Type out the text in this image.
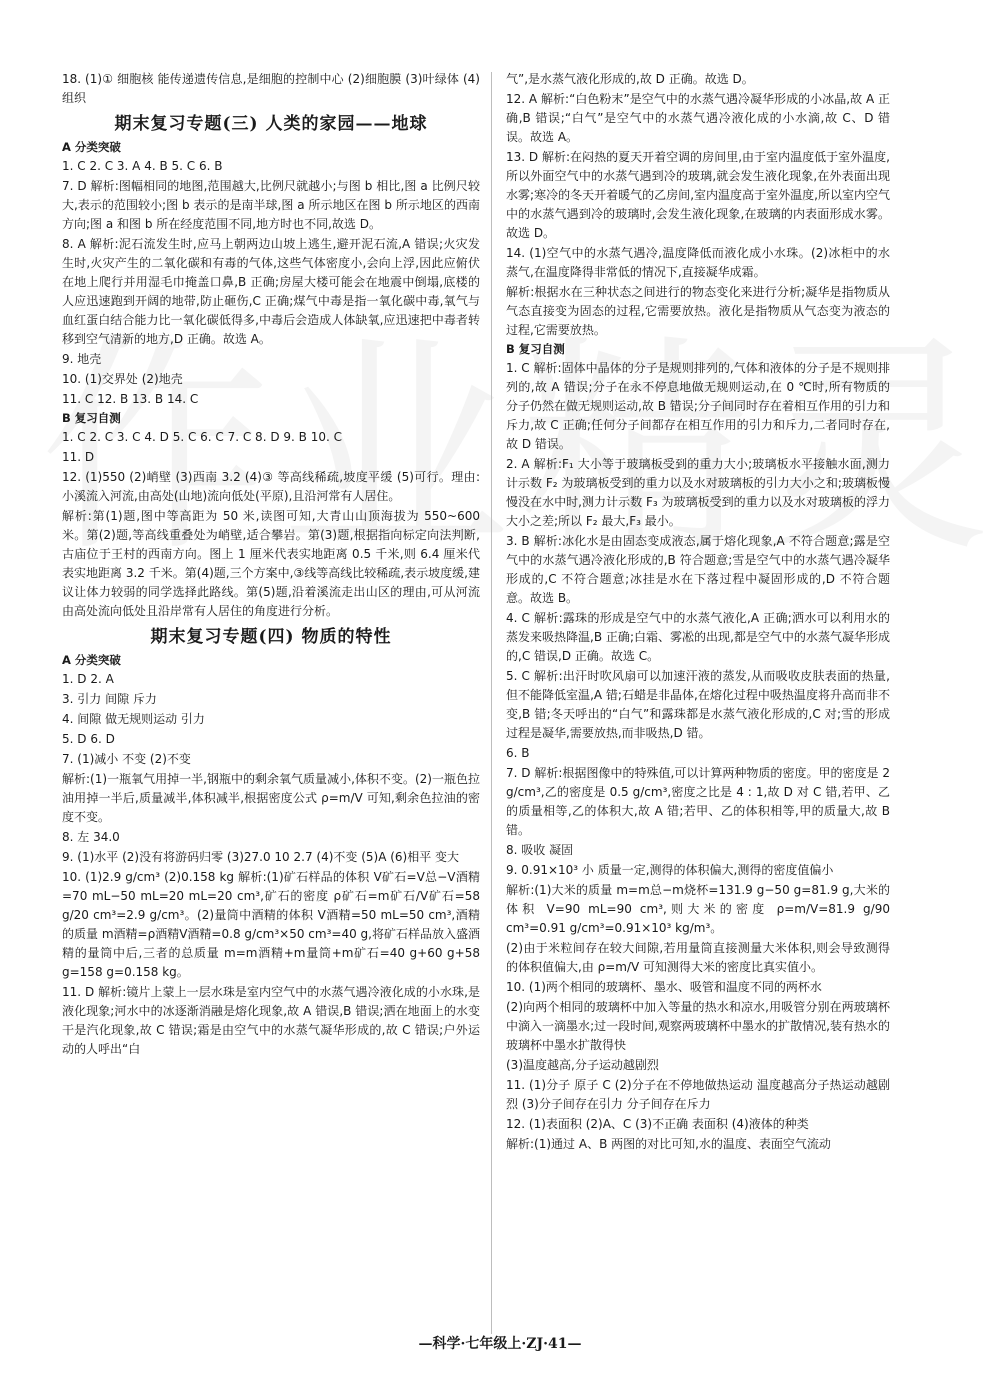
18. (1)① 细胞核 能传递遗传信息,是细胞的控制中心 (2)细胞膜 (3)叶绿体 (4)组织
期末复习专题(三) 人类的家园——地球
A 分类突破
1. C 2. C 3. A 4. B 5. C 6. B
7. D 解析:图幅相同的地图,范围越大,比例尺就越小;与图 b 相比,图 a 比例尺较大,表示的范围较小;图 b 表示的是南半球,图 a 所示地区在图 b 所示地区的西南方向;图 a 和图 b 所在经度范围不同,地方时也不同,故选 D。
8. A 解析:泥石流发生时,应马上朝两边山坡上逃生,避开泥石流,A 错误;火灾发生时,火灾产生的二氧化碳和有毒的气体,这些气体密度小,会向上浮,因此应俯伏在地上爬行并用湿毛巾掩盖口鼻,B 正确;房屋大楼可能会在地震中倒塌,底楼的人应迅速跑到开阔的地带,防止砸伤,C 正确;煤气中毒是指一氧化碳中毒,氧气与血红蛋白结合能力比一氧化碳低得多,中毒后会造成人体缺氧,应迅速把中毒者转移到空气清新的地方,D 正确。故选 A。
9. 地壳
10. (1)交界处 (2)地壳
11. C 12. B 13. B 14. C
B 复习自测
1. C 2. C 3. C 4. D 5. C 6. C 7. C 8. D 9. B 10. C
11. D
12. (1)550 (2)峭壁 (3)西南 3.2 (4)③ 等高线稀疏,坡度平缓 (5)可行。理由:小溪流入河流,由高处(山地)流向低处(平原),且沿河常有人居住。
解析:第(1)题,图中等高距为 50 米,读图可知,大青山山顶海拔为 550~600 米。第(2)题,等高线重叠处为峭壁,适合攀岩。第(3)题,根据指向标定向法判断,古庙位于王村的西南方向。图上 1 厘米代表实地距离 0.5 千米,则 6.4 厘米代表实地距离 3.2 千米。第(4)题,三个方案中,③线等高线比较稀疏,表示坡度缓,建议让体力较弱的同学选择此路线。第(5)题,沿着溪流走出山区的理由,可从河流由高处流向低处且沿岸常有人居住的角度进行分析。
期末复习专题(四) 物质的特性
A 分类突破
1. D 2. A
3. 引力 间隙 斥力
4. 间隙 做无规则运动 引力
5. D 6. D
7. (1)减小 不变 (2)不变
解析:(1)一瓶氧气用掉一半,钢瓶中的剩余氧气质量减小,体积不变。(2)一瓶色拉油用掉一半后,质量减半,体积减半,根据密度公式 ρ=m/V 可知,剩余色拉油的密度不变。
8. 左 34.0
9. (1)水平 (2)没有将游码归零 (3)27.0 10 2.7 (4)不变 (5)A (6)相平 变大
10. (1)2.9 g/cm³ (2)0.158 kg 解析:(1)矿石样品的体积 V矿石=V总−V酒精=70 mL−50 mL=20 mL=20 cm³,矿石的密度 ρ矿石=m矿石/V矿石=58 g/20 cm³=2.9 g/cm³。(2)量筒中酒精的体积 V酒精=50 mL=50 cm³,酒精的质量 m酒精=ρ酒精V酒精=0.8 g/cm³×50 cm³=40 g,将矿石样品放入盛酒精的量筒中后,三者的总质量 m=m酒精+m量筒+m矿石=40 g+60 g+58 g=158 g=0.158 kg。
11. D 解析:镜片上蒙上一层水珠是室内空气中的水蒸气遇冷液化成的小水珠,是液化现象;河水中的冰逐渐消融是熔化现象,故 A 错误,B 错误;洒在地面上的水变干是汽化现象,故 C 错误;霜是由空气中的水蒸气凝华形成的,故 C 错误;户外运动的人呼出“白
气”,是水蒸气液化形成的,故 D 正确。故选 D。
12. A 解析:“白色粉末”是空气中的水蒸气遇冷凝华形成的小冰晶,故 A 正确,B 错误;“白气”是空气中的水蒸气遇冷液化成的小水滴,故 C、D 错误。故选 A。
13. D 解析:在闷热的夏天开着空调的房间里,由于室内温度低于室外温度,所以外面空气中的水蒸气遇到冷的玻璃,就会发生液化现象,在外表面出现水雾;寒冷的冬天开着暖气的乙房间,室内温度高于室外温度,所以室内空气中的水蒸气遇到冷的玻璃时,会发生液化现象,在玻璃的内表面形成水雾。故选 D。
14. (1)空气中的水蒸气遇冷,温度降低而液化成小水珠。(2)冰柜中的水蒸气,在温度降得非常低的情况下,直接凝华成霜。
解析:根据水在三种状态之间进行的物态变化来进行分析;凝华是指物质从气态直接变为固态的过程,它需要放热。液化是指物质从气态变为液态的过程,它需要放热。
B 复习自测
1. C 解析:固体中晶体的分子是规则排列的,气体和液体的分子是不规则排列的,故 A 错误;分子在永不停息地做无规则运动,在 0 ℃时,所有物质的分子仍然在做无规则运动,故 B 错误;分子间同时存在着相互作用的引力和斥力,故 C 正确;任何分子间都存在相互作用的引力和斥力,二者同时存在,故 D 错误。
2. A 解析:F₁ 大小等于玻璃板受到的重力大小;玻璃板水平接触水面,测力计示数 F₂ 为玻璃板受到的重力以及水对玻璃板的引力大小之和;玻璃板慢慢没在水中时,测力计示数 F₃ 为玻璃板受到的重力以及水对玻璃板的浮力大小之差;所以 F₂ 最大,F₃ 最小。
3. B 解析:冰化水是由固态变成液态,属于熔化现象,A 不符合题意;露是空气中的水蒸气遇冷液化形成的,B 符合题意;雪是空气中的水蒸气遇冷凝华形成的,C 不符合题意;冰挂是水在下落过程中凝固形成的,D 不符合题意。故选 B。
4. C 解析:露珠的形成是空气中的水蒸气液化,A 正确;洒水可以利用水的蒸发来吸热降温,B 正确;白霜、雾凇的出现,都是空气中的水蒸气凝华形成的,C 错误,D 正确。故选 C。
5. C 解析:出汗时吹风扇可以加速汗液的蒸发,从而吸收皮肤表面的热量,但不能降低室温,A 错;石蜡是非晶体,在熔化过程中吸热温度将升高而非不变,B 错;冬天呼出的“白气”和露珠都是水蒸气液化形成的,C 对;雪的形成过程是凝华,需要放热,而非吸热,D 错。
6. B
7. D 解析:根据图像中的特殊值,可以计算两种物质的密度。甲的密度是 2 g/cm³,乙的密度是 0.5 g/cm³,密度之比是 4 : 1,故 D 对 C 错,若甲、乙的质量相等,乙的体积大,故 A 错;若甲、乙的体积相等,甲的质量大,故 B 错。
8. 吸收 凝固
9. 0.91×10³ 小 质量一定,测得的体积偏大,测得的密度值偏小
解析:(1)大米的质量 m=m总−m烧杯=131.9 g−50 g=81.9 g,大米的体积 V=90 mL=90 cm³,则大米的密度 ρ=m/V=81.9 g/90 cm³=0.91 g/cm³=0.91×10³ kg/m³。
(2)由于米粒间存在较大间隙,若用量筒直接测量大米体积,则会导致测得的体积值偏大,由 ρ=m/V 可知测得大米的密度比真实值小。
10. (1)两个相同的玻璃杯、墨水、吸管和温度不同的两杯水
(2)向两个相同的玻璃杯中加入等量的热水和凉水,用吸管分别在两玻璃杯中滴入一滴墨水;过一段时间,观察两玻璃杯中墨水的扩散情况,装有热水的玻璃杯中墨水扩散得快
(3)温度越高,分子运动越剧烈
11. (1)分子 原子 C (2)分子在不停地做热运动 温度越高分子热运动越剧烈 (3)分子间存在引力 分子间存在斥力
12. (1)表面积 (2)A、C (3)不正确 表面积 (4)液体的种类
解析:(1)通过 A、B 两图的对比可知,水的温度、表面空气流动
—科学·七年级上·ZJ·41—
